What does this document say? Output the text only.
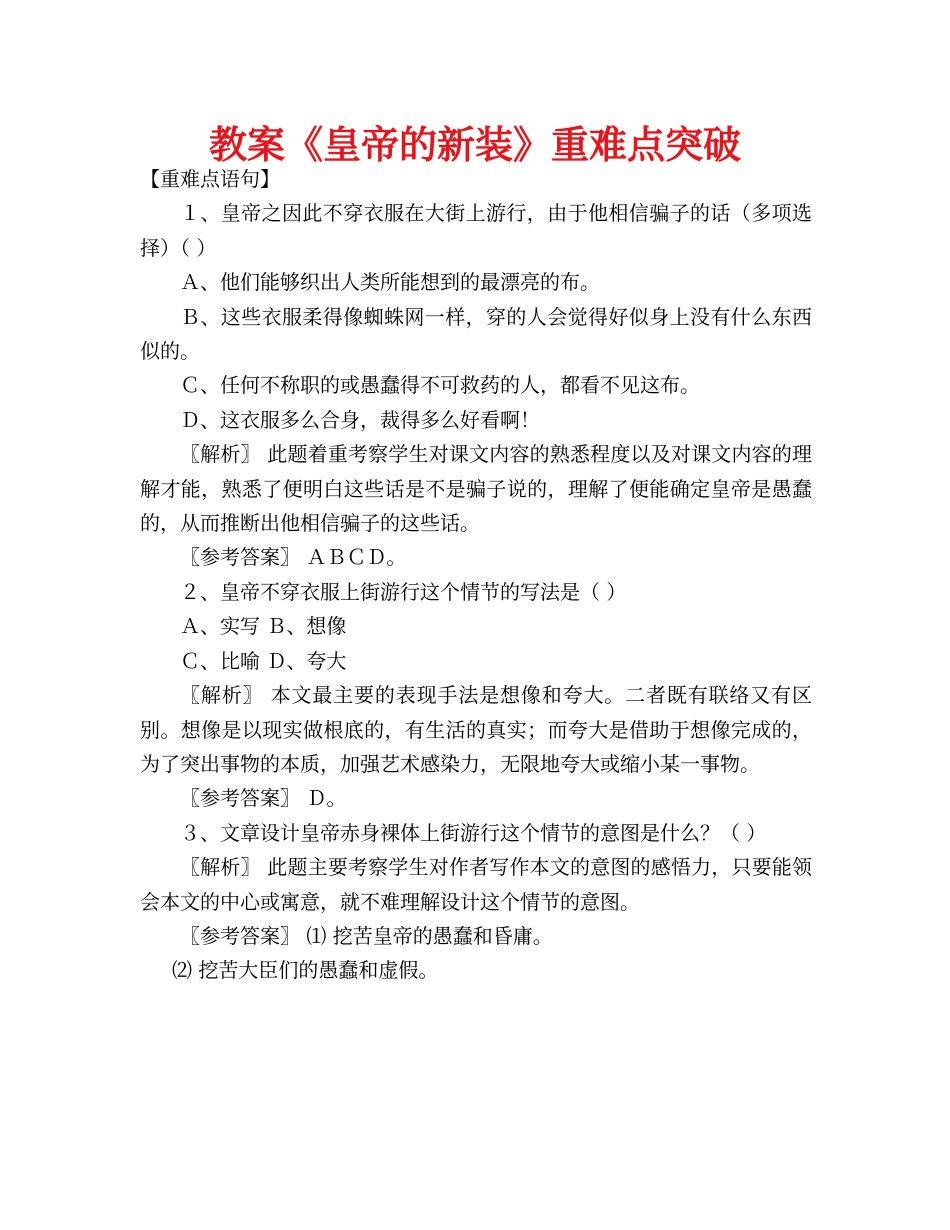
教案《皇帝的新装》重难点突破

【重难点语句】

１、皇帝之因此不穿衣服在大街上游行，由于他相信骗子的话（多项选择）（ ）

Ａ、他们能够织出人类所能想到的最漂亮的布。

Ｂ、这些衣服柔得像蜘蛛网一样，穿的人会觉得好似身上没有什么东西似的。

Ｃ、任何不称职的或愚蠢得不可救药的人，都看不见这布。

Ｄ、这衣服多么合身，裁得多么好看啊！

〖解析〗 此题着重考察学生对课文内容的熟悉程度以及对课文内容的理解才能，熟悉了便明白这些话是不是骗子说的，理解了便能确定皇帝是愚蠢的，从而推断出他相信骗子的这些话。

〖参考答案〗 ＡＢＣＤ。

２、皇帝不穿衣服上街游行这个情节的写法是（ ）

Ａ、实写 Ｂ、想像

Ｃ、比喻 Ｄ、夸大

〖解析〗 本文最主要的表现手法是想像和夸大。二者既有联络又有区别。想像是以现实做根底的，有生活的真实；而夸大是借助于想像完成的，为了突出事物的本质，加强艺术感染力，无限地夸大或缩小某一事物。

〖参考答案〗 Ｄ。

３、文章设计皇帝赤身裸体上街游行这个情节的意图是什么？（ ）

〖解析〗 此题主要考察学生对作者写作本文的意图的感悟力，只要能领会本文的中心或寓意，就不难理解设计这个情节的意图。

〖参考答案〗 ⑴ 挖苦皇帝的愚蠢和昏庸。

⑵ 挖苦大臣们的愚蠢和虚假。
